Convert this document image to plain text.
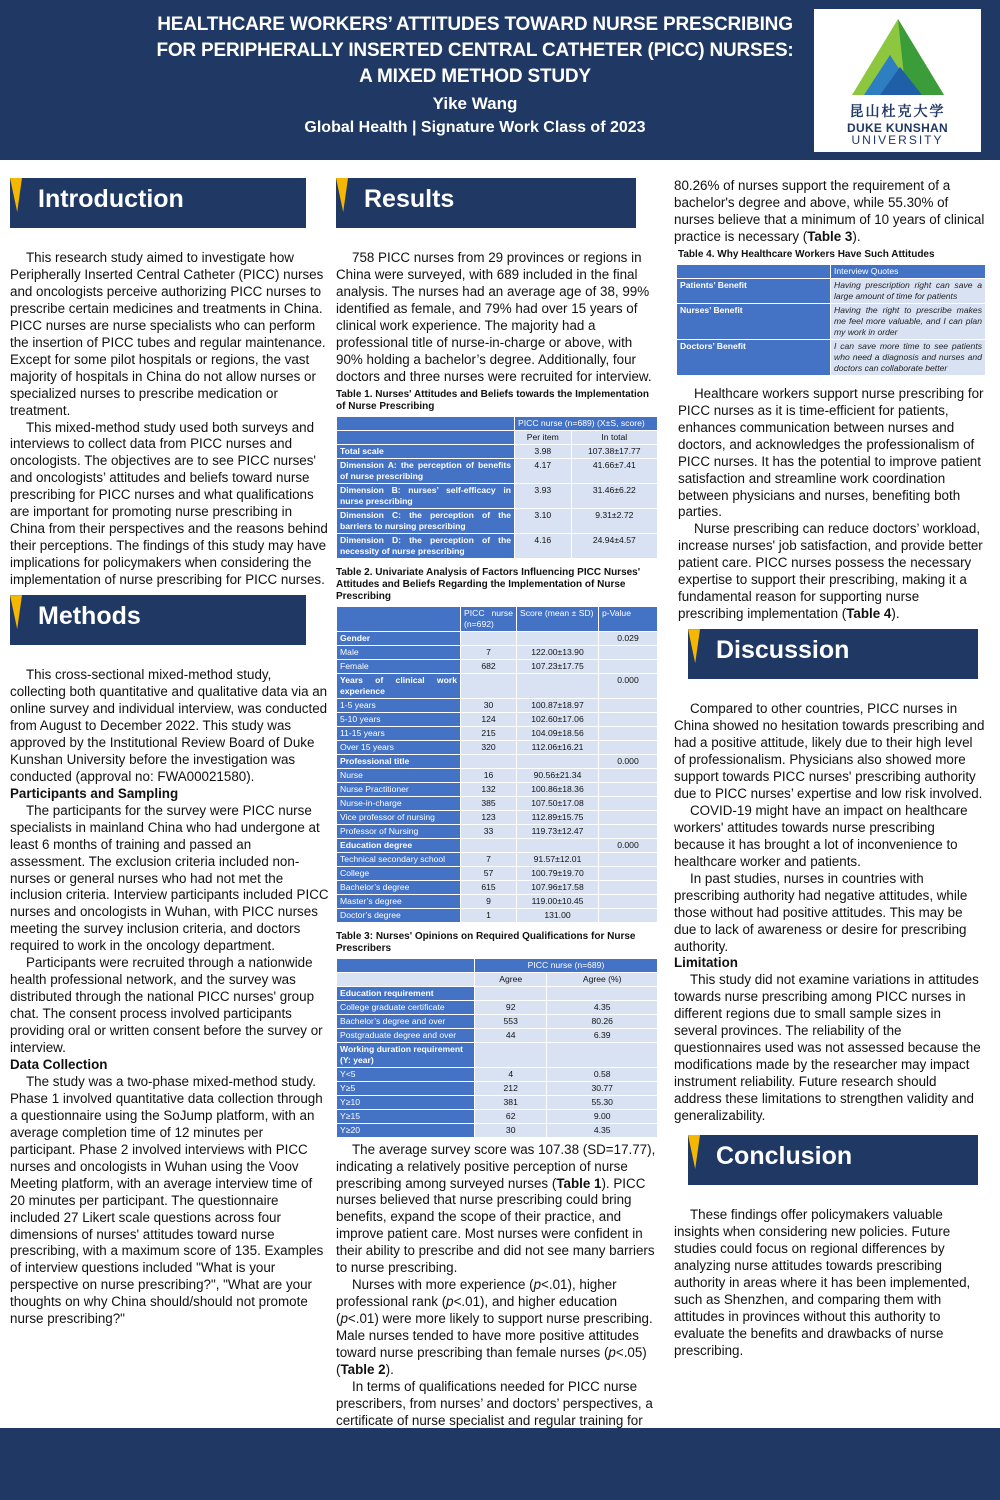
HEALTHCARE WORKERS’ ATTITUDES TOWARD NURSE PRESCRIBING
FOR PERIPHERALLY INSERTED CENTRAL CATHETER (PICC) NURSES:
A MIXED METHOD STUDY
Yike Wang
Global Health | Signature Work Class of 2023
昆山杜克大学
DUKE KUNSHAN
UNIVERSITY
Introduction

This research study aimed to investigate how Peripherally Inserted Central Catheter (PICC) nurses and oncologists perceive authorizing PICC nurses to prescribe certain medicines and treatments in China. PICC nurses are nurse specialists who can perform the insertion of PICC tubes and regular maintenance. Except for some pilot hospitals or regions, the vast majority of hospitals in China do not allow nurses or specialized nurses to prescribe medication or treatment.

This mixed-method study used both surveys and interviews to collect data from PICC nurses and oncologists. The objectives are to see PICC nurses' and oncologists’ attitudes and beliefs toward nurse prescribing for PICC nurses and what qualifications are important for promoting nurse prescribing in China from their perspectives and the reasons behind their perceptions. The findings of this study may have implications for policymakers when considering the implementation of nurse prescribing for PICC nurses.

Methods

This cross-sectional mixed-method study, collecting both quantitative and qualitative data via an online survey and individual interview, was conducted from August to December 2022. This study was approved by the Institutional Review Board of Duke Kunshan University before the investigation was conducted (approval no: FWA00021580).

Participants and Sampling

The participants for the survey were PICC nurse specialists in mainland China who had undergone at least 6 months of training and passed an assessment. The exclusion criteria included non-nurses or general nurses who had not met the inclusion criteria. Interview participants included PICC nurses and oncologists in Wuhan, with PICC nurses meeting the survey inclusion criteria, and doctors required to work in the oncology department.

Participants were recruited through a nationwide health professional network, and the survey was distributed through the national PICC nurses' group chat. The consent process involved participants providing oral or written consent before the survey or interview.

Data Collection

The study was a two-phase mixed-method study. Phase 1 involved quantitative data collection through a questionnaire using the SoJump platform, with an average completion time of 12 minutes per participant. Phase 2 involved interviews with PICC nurses and oncologists in Wuhan using the Voov Meeting platform, with an average interview time of 20 minutes per participant. The questionnaire included 27 Likert scale questions across four dimensions of nurses' attitudes toward nurse prescribing, with a maximum score of 135. Examples of interview questions included "What is your perspective on nurse prescribing?", "What are your thoughts on why China should/should not promote nurse prescribing?"

Results

758 PICC nurses from 29 provinces or regions in China were surveyed, with 689 included in the final analysis. The nurses had an average age of 38, 99% identified as female, and 79% had over 15 years of clinical work experience. The majority had a professional title of nurse-in-charge or above, with 90% holding a bachelor’s degree. Additionally, four doctors and three nurses were recruited for interview.

Table 1. Nurses' Attitudes and Beliefs towards the Implementation of Nurse Prescribing
	PICC nurse (n=689) (X±S, score)	
	Per item	In total
Total scale	3.98	107.38±17.77
Dimension A: the perception of benefits of nurse prescribing	4.17	41.66±7.41
Dimension B: nurses’ self-efficacy in nurse prescribing	3.93	31.46±6.22
Dimension C: the perception of the barriers to nursing prescribing	3.10	9.31±2.72
Dimension D: the perception of the necessity of nurse prescribing	4.16	24.94±4.57
Table 2. Univariate Analysis of Factors Influencing PICC Nurses' Attitudes and Beliefs Regarding the Implementation of Nurse Prescribing
	PICC nurse (n=692)	Score (mean ± SD)	p-Value
Gender			0.029
Male	7	122.00±13.90	
Female	682	107.23±17.75	
Years of clinical work experience			0.000
1-5 years	30	100.87±18.97	
5-10 years	124	102.60±17.06	
11-15 years	215	104.09±18.56	
Over 15 years	320	112.06±16.21	
Professional title			0.000
Nurse	16	90.56±21.34	
Nurse Practitioner	132	100.86±18.36	
Nurse-in-charge	385	107.50±17.08	
Vice professor of nursing	123	112.89±15.75	
Professor of Nursing	33	119.73±12.47	
Education degree			0.000
Technical secondary school	7	91.57±12.01	
College	57	100.79±19.70	
Bachelor’s degree	615	107.96±17.58	
Master’s degree	9	119.00±10.45	
Doctor’s degree	1	131.00	
Table 3: Nurses' Opinions on Required Qualifications for Nurse Prescribers
	PICC nurse (n=689)	
	Agree	Agree (%)
Education requirement		
College graduate certificate	92	4.35
Bachelor’s degree and over	553	80.26
Postgraduate degree and over	44	6.39
Working duration requirement (Y: year)		
Y<5	4	0.58
Y≥5	212	30.77
Y≥10	381	55.30
Y≥15	62	9.00
Y≥20	30	4.35

The average survey score was 107.38 (SD=17.77), indicating a relatively positive perception of nurse prescribing among surveyed nurses (Table 1). PICC nurses believed that nurse prescribing could bring benefits, expand the scope of their practice, and improve patient care. Most nurses were confident in their ability to prescribe and did not see many barriers to nurse prescribing.

Nurses with more experience (p<.01), higher professional rank (p<.01), and higher education (p<.01) were more likely to support nurse prescribing. Male nurses tended to have more positive attitudes toward nurse prescribing than female nurses (p<.05) (Table 2).

In terms of qualifications needed for PICC nurse prescribers, from nurses’ and doctors’ perspectives, a certificate of nurse specialist and regular training for

80.26% of nurses support the requirement of a bachelor's degree and above, while 55.30% of nurses believe that a minimum of 10 years of clinical practice is necessary (Table 3).

Table 4. Why Healthcare Workers Have Such Attitudes
	Interview Quotes
Patients’ Benefit	Having prescription right can save a large amount of time for patients
Nurses’ Benefit	Having the right to prescribe makes me feel more valuable, and I can plan my work in order
Doctors’ Benefit	I can save more time to see patients who need a diagnosis and nurses and doctors can collaborate better

Healthcare workers support nurse prescribing for PICC nurses as it is time-efficient for patients, enhances communication between nurses and doctors, and acknowledges the professionalism of PICC nurses. It has the potential to improve patient satisfaction and streamline work coordination between physicians and nurses, benefiting both parties.

Nurse prescribing can reduce doctors’ workload, increase nurses' job satisfaction, and provide better patient care. PICC nurses possess the necessary expertise to support their prescribing, making it a fundamental reason for supporting nurse prescribing implementation (Table 4).

Discussion

Compared to other countries, PICC nurses in China showed no hesitation towards prescribing and had a positive attitude, likely due to their high level of professionalism. Physicians also showed more support towards PICC nurses' prescribing authority due to PICC nurses’ expertise and low risk involved.

COVID-19 might have an impact on healthcare workers' attitudes towards nurse prescribing because it has brought a lot of inconvenience to healthcare worker and patients.

In past studies, nurses in countries with prescribing authority had negative attitudes, while those without had positive attitudes. This may be due to lack of awareness or desire for prescribing authority.

Limitation

This study did not examine variations in attitudes towards nurse prescribing among PICC nurses in different regions due to small sample sizes in several provinces. The reliability of the questionnaires used was not assessed because the modifications made by the researcher may impact instrument reliability. Future research should address these limitations to strengthen validity and generalizability.

Conclusion

These findings offer policymakers valuable insights when considering new policies. Future studies could focus on regional differences by analyzing nurse attitudes towards prescribing authority in areas where it has been implemented, such as Shenzhen, and comparing them with attitudes in provinces without this authority to evaluate the benefits and drawbacks of nurse prescribing.
